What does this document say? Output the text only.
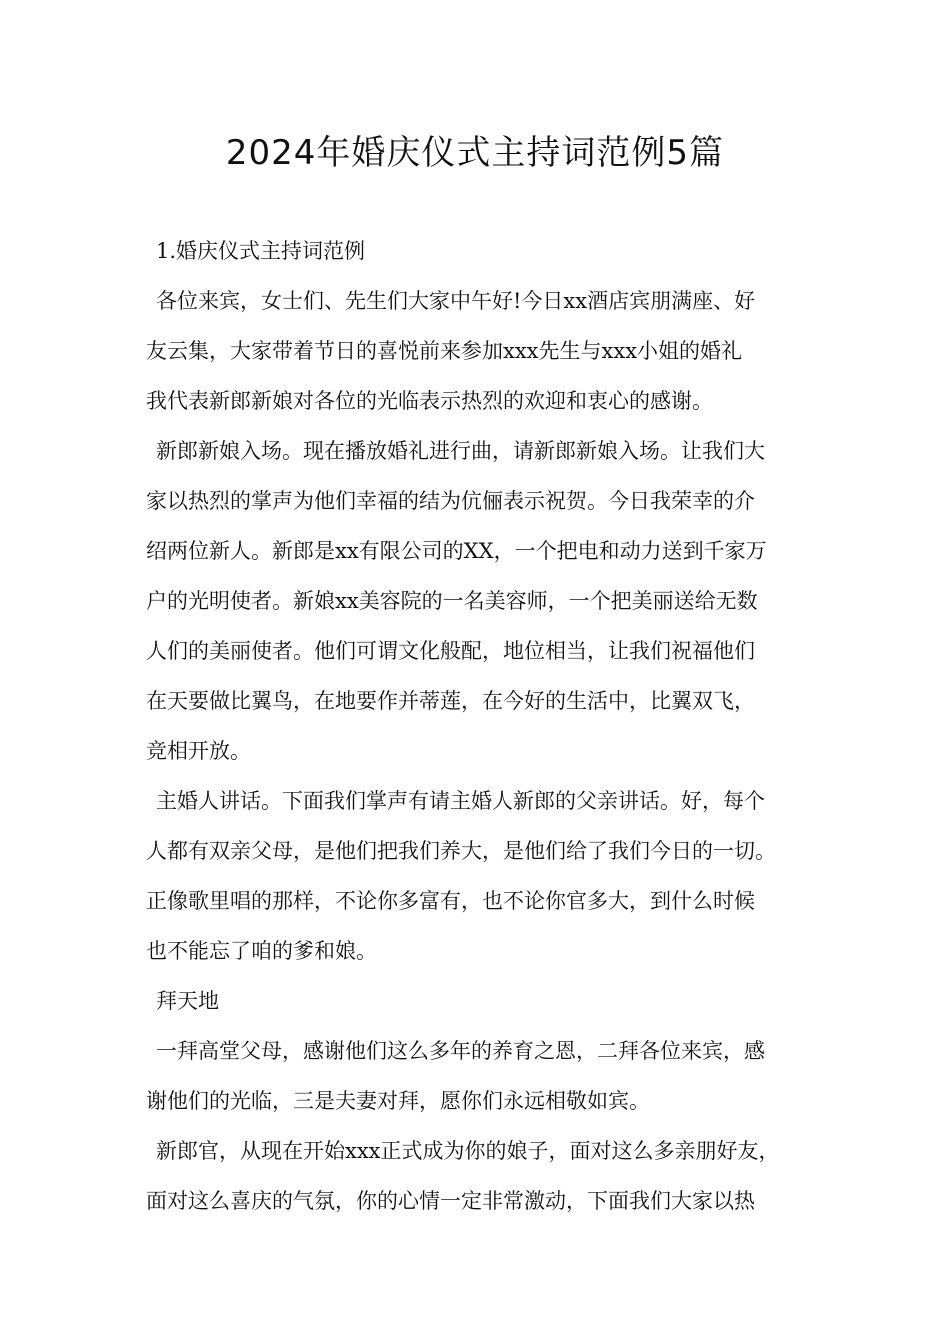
2024年婚庆仪式主持词范例5篇
1.婚庆仪式主持词范例
各位来宾，女士们、先生们大家中午好!今日xx酒店宾朋满座、好
友云集，大家带着节日的喜悦前来参加xxx先生与xxx小姐的婚礼
我代表新郎新娘对各位的光临表示热烈的欢迎和衷心的感谢。
新郎新娘入场。现在播放婚礼进行曲，请新郎新娘入场。让我们大
家以热烈的掌声为他们幸福的结为伉俪表示祝贺。今日我荣幸的介
绍两位新人。新郎是xx有限公司的XX，一个把电和动力送到千家万
户的光明使者。新娘xx美容院的一名美容师，一个把美丽送给无数
人们的美丽使者。他们可谓文化般配，地位相当，让我们祝福他们
在天要做比翼鸟，在地要作并蒂莲，在今好的生活中，比翼双飞，
竞相开放。
主婚人讲话。下面我们掌声有请主婚人新郎的父亲讲话。好，每个
人都有双亲父母，是他们把我们养大，是他们给了我们今日的一切。
正像歌里唱的那样，不论你多富有，也不论你官多大，到什么时候
也不能忘了咱的爹和娘。
拜天地
一拜高堂父母，感谢他们这么多年的养育之恩，二拜各位来宾，感
谢他们的光临，三是夫妻对拜，愿你们永远相敬如宾。
新郎官，从现在开始xxx正式成为你的娘子，面对这么多亲朋好友，
面对这么喜庆的气氛，你的心情一定非常激动，下面我们大家以热
